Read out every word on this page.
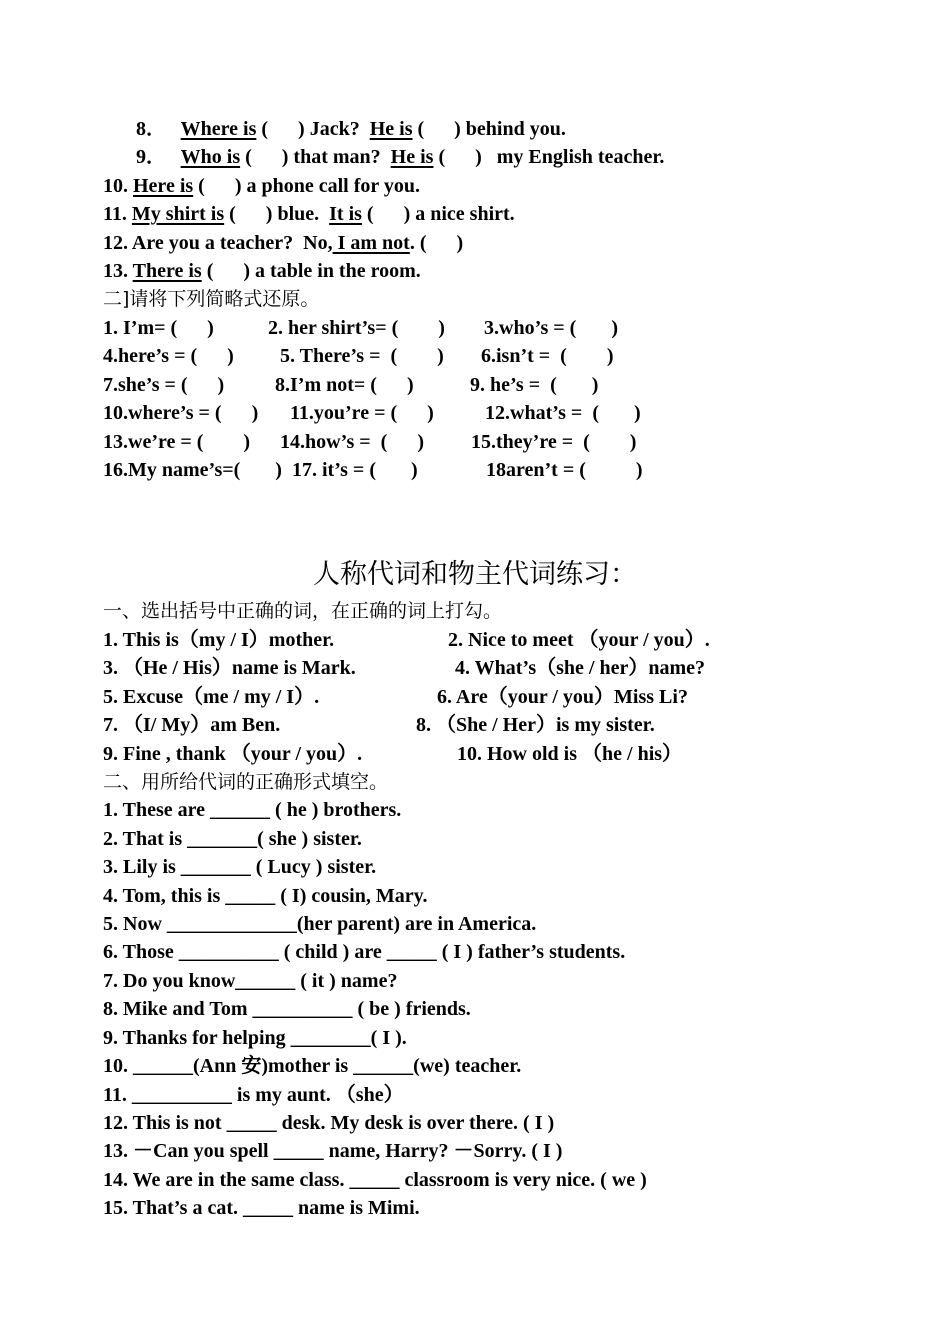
8． Where is (      ) Jack?  He is (      ) behind you.
9． Who is (      ) that man?  He is (      )   my English teacher.
10. Here is (      ) a phone call for you.
11. My shirt is (      ) blue.  It is (      ) a nice shirt.
12. Are you a teacher?  No, I am not. (      )
13. There is (      ) a table in the room.
二]请将下列简略式还原。

1. I’m= (      )

	2. her shirt’s= (        )

3.who’s = (       )

4.here’s = (      )

5. There’s =  (        )

6.isn’t =  (        )

7.she’s = (      )

	8.I’m not= (      )

	9. he’s =  (       )

10.where’s = (      )

11.you’re = (      )

	12.what’s =  (       )

13.we’re = (        )

14.how’s =  (      )

15.they’re =  (        )

16.My name’s=(       )

17. it’s = (       )

	18aren’t = (          )

人称代词和物主代词练习：
一、选出括号中正确的词，在正确的词上打勾。

1. This is（my / I）mother.

	2. Nice to meet （your / you）.

3. （He / His）name is Mark.

	4. What’s（she / her）name?

5. Excuse（me / my / I）.

	6. Are（your / you）Miss Li?

7. （I/ My）am Ben.

	8. （She / Her）is my sister.

9. Fine , thank （your / you）.

	10. How old is （he / his）

二、用所给代词的正确形式填空。
1. These are ______ ( he ) brothers.
2. That is _______( she ) sister.
3. Lily is _______ ( Lucy ) sister.
4. Tom, this is _____ ( I) cousin, Mary.
5. Now _____________(her parent) are in America.
6. Those __________ ( child ) are _____ ( I ) father’s students.
7. Do you know______ ( it ) name?
8. Mike and Tom __________ ( be ) friends.
9. Thanks for helping ________( I ).
10. ______(Ann 安)mother is ______(we) teacher.
11. __________ is my aunt. （she）
12. This is not _____ desk. My desk is over there. ( I )
13. －Can you spell _____ name, Harry? －Sorry. ( I )
14. We are in the same class. _____ classroom is very nice. ( we )
15. That’s a cat. _____ name is Mimi.
